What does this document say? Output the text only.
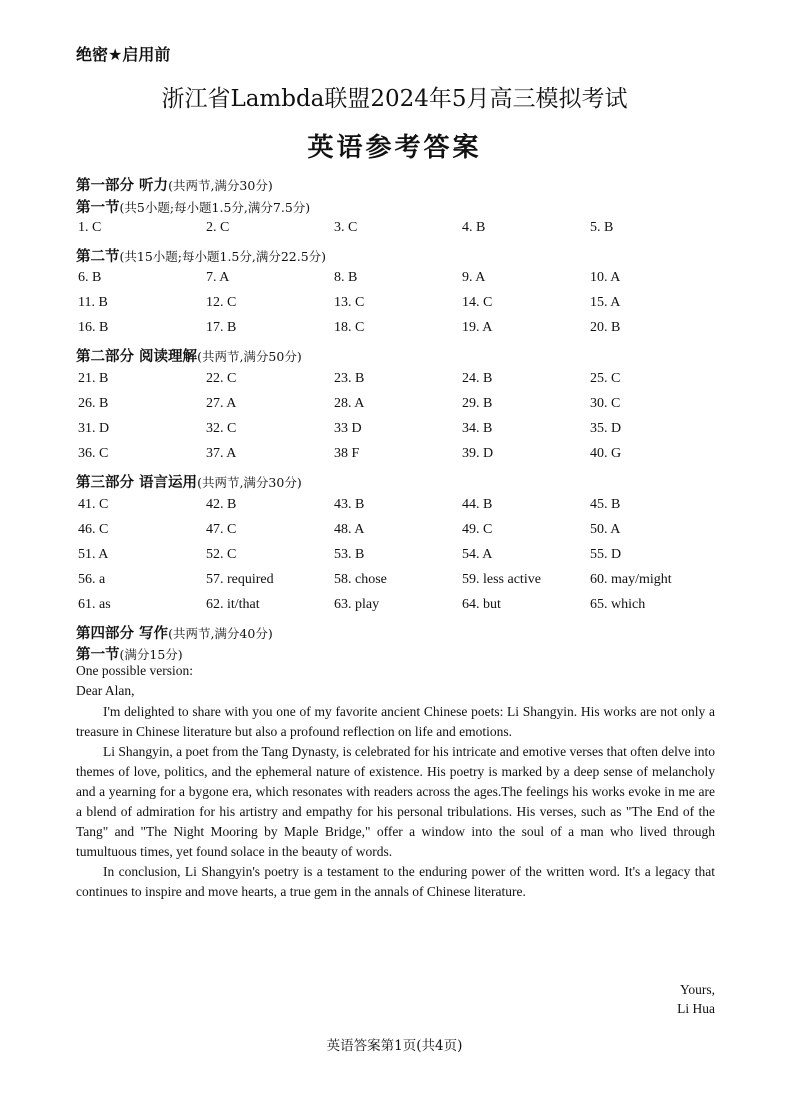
绝密★启用前
浙江省Lambda联盟2024年5月高三模拟考试
英语参考答案
第一部分 听力(共两节,满分30分)
第一节(共5小题;每小题1.5分,满分7.5分)
1. C	2. C	3. C	4. B	5. B
第二节(共15小题;每小题1.5分,满分22.5分)
6. B	7. A	8. B	9. A	10. A
11. B	12. C	13. C	14. C	15. A
16. B	17. B	18. C	19. A	20. B
第二部分 阅读理解(共两节,满分50分)
21. B	22. C	23. B	24. B	25. C
26. B	27. A	28. A	29. B	30. C
31. D	32. C	33 D	34. B	35. D
36. C	37. A	38 F	39. D	40. G
第三部分 语言运用(共两节,满分30分)
41. C	42. B	43. B	44. B	45. B
46. C	47. C	48. A	49. C	50. A
51. A	52. C	53. B	54. A	55. D
56. a	57. required	58. chose	59. less active	60. may/might
61. as	62. it/that	63. play	64. but	65. which
第四部分 写作(共两节,满分40分)
第一节(满分15分)
One possible version:
Dear Alan,

I'm delighted to share with you one of my favorite ancient Chinese poets: Li Shangyin. His works are not only a treasure in Chinese literature but also a profound reflection on life and emotions.

Li Shangyin, a poet from the Tang Dynasty, is celebrated for his intricate and emotive verses that often delve into themes of love, politics, and the ephemeral nature of existence. His poetry is marked by a deep sense of melancholy and a yearning for a bygone era, which resonates with readers across the ages.The feelings his works evoke in me are a blend of admiration for his artistry and empathy for his personal tribulations. His verses, such as "The End of the Tang" and "The Night Mooring by Maple Bridge," offer a window into the soul of a man who lived through tumultuous times, yet found solace in the beauty of words.

In conclusion, Li Shangyin's poetry is a testament to the enduring power of the written word. It's a legacy that continues to inspire and move hearts, a true gem in the annals of Chinese literature.

Yours,
Li Hua
英语答案第1页(共4页)
